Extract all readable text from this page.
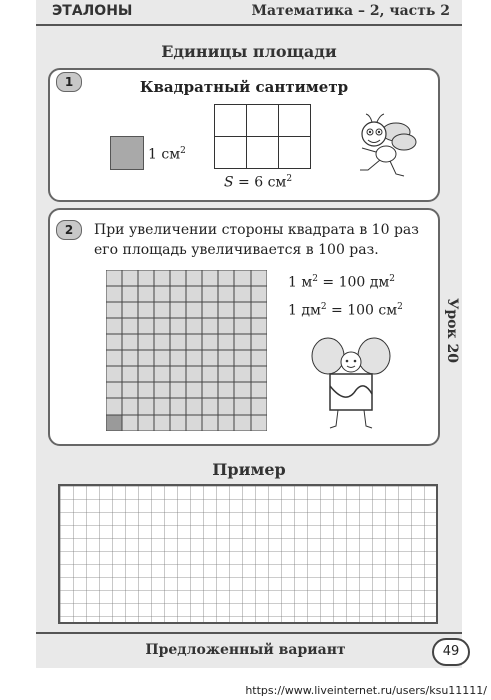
ЭТАЛОНЫ	Математика – 2, часть 2
Единицы площади
Квадратный сантиметр
1 $см^2$

S = 6 $см^2$
1
При увеличении стороны квадрата в 10 раз
его площадь увеличивается в 100 раз.
1 $м^2 = 100$ $дм^2$
1 $дм^2 = 100$ $см^2$
2
Урок 20
Пример
Предложенный вариант	49
https://www.liveinternet.ru/users/ksu11111/
